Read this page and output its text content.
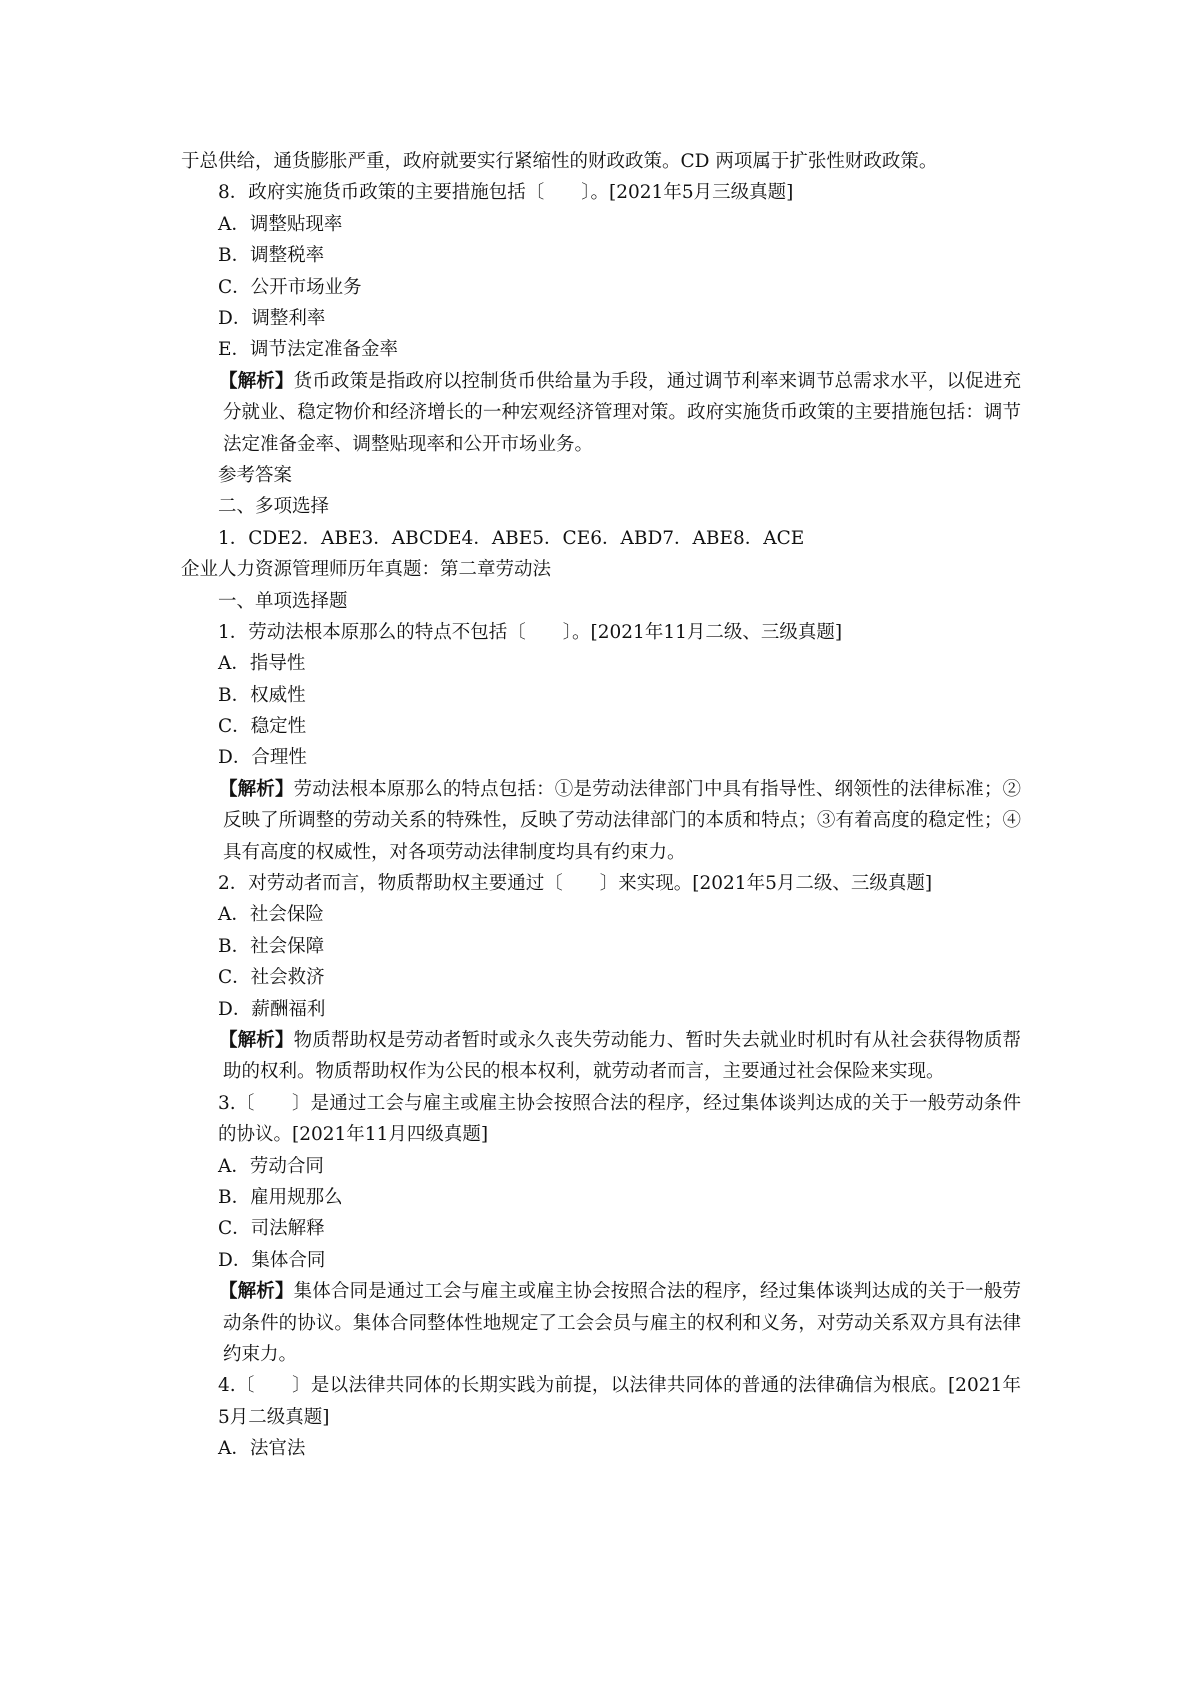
于总供给，通货膨胀严重，政府就要实行紧缩性的财政政策。CD 两项属于扩张性财政政策。
8．政府实施货币政策的主要措施包括〔　　〕。[2021年5月三级真题]
A．调整贴现率
B．调整税率
C．公开市场业务
D．调整利率
E．调节法定准备金率
【解析】货币政策是指政府以控制货币供给量为手段，通过调节利率来调节总需求水平，以促进充分就业、稳定物价和经济增长的一种宏观经济管理对策。政府实施货币政策的主要措施包括：调节法定准备金率、调整贴现率和公开市场业务。
参考答案
二、多项选择
1．CDE2．ABE3．ABCDE4．ABE5．CE6．ABD7．ABE8．ACE
企业人力资源管理师历年真题：第二章劳动法
一、单项选择题
1．劳动法根本原那么的特点不包括〔　　〕。[2021年11月二级、三级真题]
A．指导性
B．权威性
C．稳定性
D．合理性
【解析】劳动法根本原那么的特点包括：①是劳动法律部门中具有指导性、纲领性的法律标准；②反映了所调整的劳动关系的特殊性，反映了劳动法律部门的本质和特点；③有着高度的稳定性；④具有高度的权威性，对各项劳动法律制度均具有约束力。
2．对劳动者而言，物质帮助权主要通过〔　　〕来实现。[2021年5月二级、三级真题]
A．社会保险
B．社会保障
C．社会救济
D．薪酬福利
【解析】物质帮助权是劳动者暂时或永久丧失劳动能力、暂时失去就业时机时有从社会获得物质帮助的权利。物质帮助权作为公民的根本权利，就劳动者而言，主要通过社会保险来实现。
3.〔　　〕是通过工会与雇主或雇主协会按照合法的程序，经过集体谈判达成的关于一般劳动条件的协议。[2021年11月四级真题]
A．劳动合同
B．雇用规那么
C．司法解释
D．集体合同
【解析】集体合同是通过工会与雇主或雇主协会按照合法的程序，经过集体谈判达成的关于一般劳动条件的协议。集体合同整体性地规定了工会会员与雇主的权利和义务，对劳动关系双方具有法律约束力。
4.〔　　〕是以法律共同体的长期实践为前提，以法律共同体的普通的法律确信为根底。[2021年5月二级真题]
A．法官法
